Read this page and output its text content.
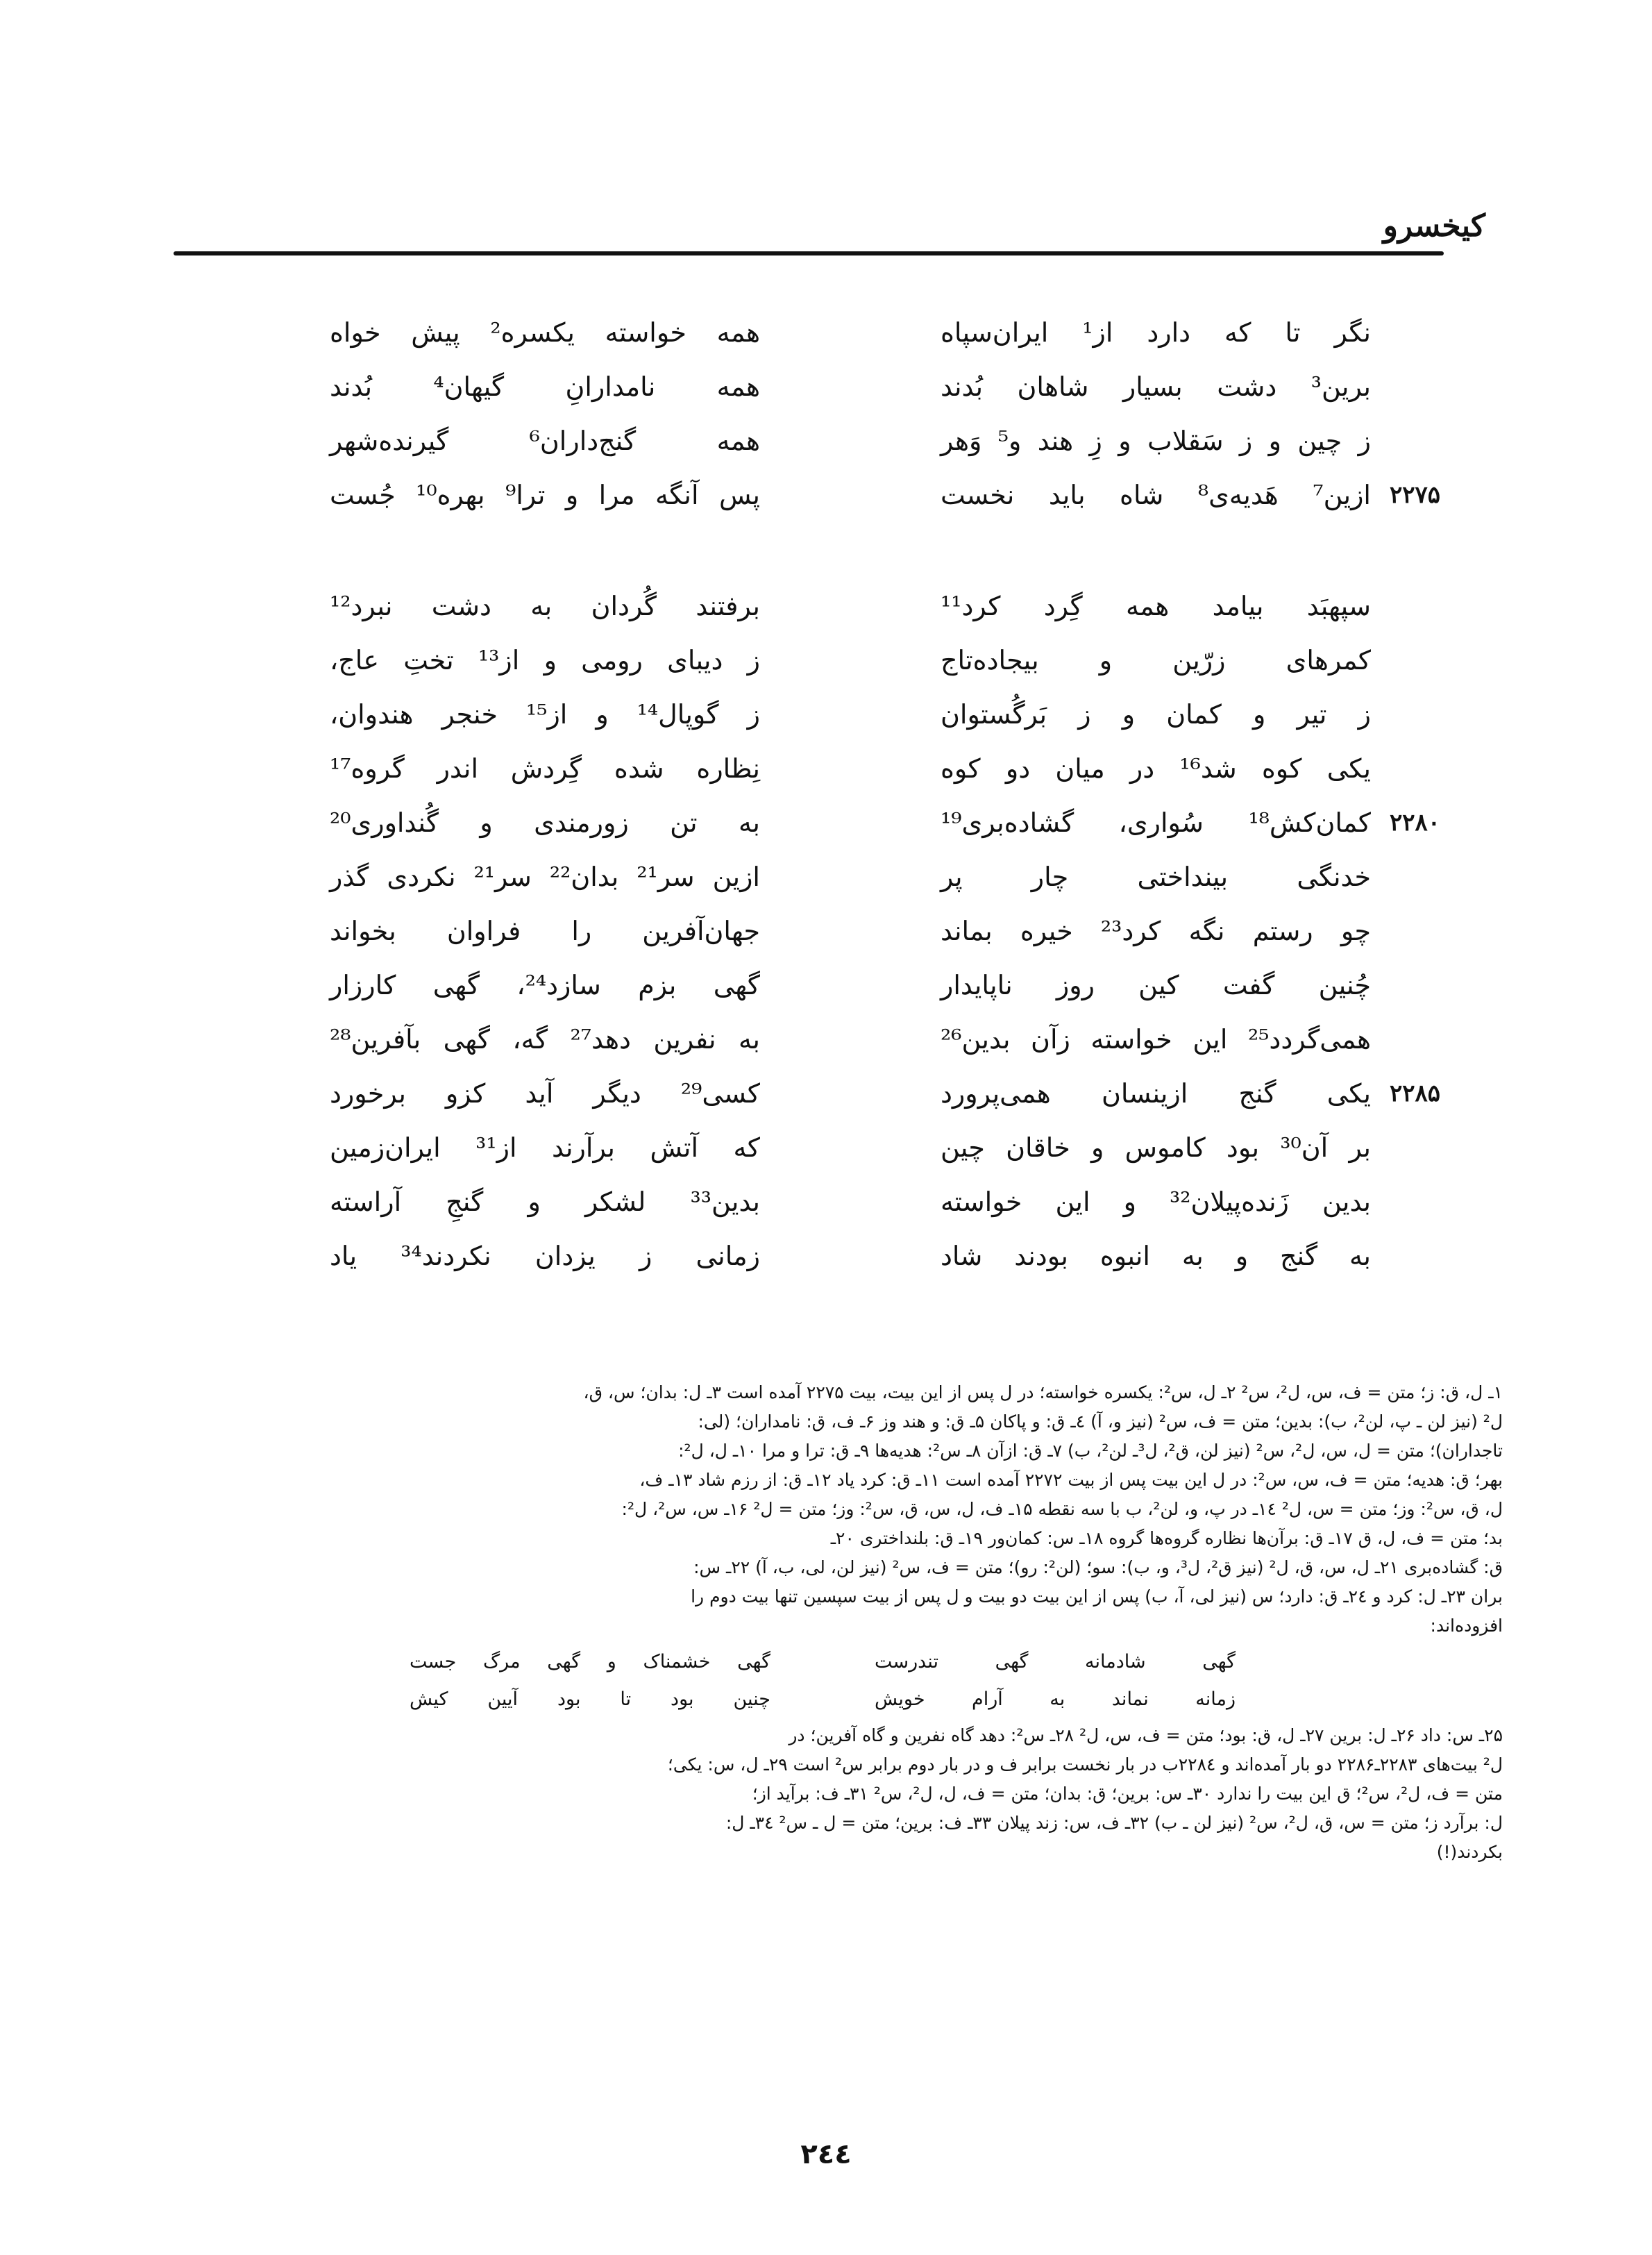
کیخسرو
نگر تا که دارد از¹ ایران‌سپاه
همه خواسته یکسره² پیش خواه
برین³ دشت بسیار شاهان بُدند
همه نامدارانِ گیهان⁴ بُدند
ز چین و ز سَقلاب و زِ هند و⁵ وَهر
همه گنج‌داران⁶ گیرنده‌شهر
۲۲۷۵
ازین⁷ هَدیه‌ی⁸ شاه باید نخست
پس آنگه مرا و ترا⁹ بهره¹⁰ جُست
سپهبَد بیامد همه گِرد کرد¹¹
برفتند گُردان به دشت نبرد¹²
کمرهای زرّین و بیجاده‌تاج
ز دیبای رومی و از¹³ تختِ عاج،
ز تیر و کمان و ز بَرگُستوان
ز گوپال¹⁴ و از¹⁵ خنجر هندوان،
یکی کوه شد¹⁶ در میان دو کوه
نِظاره شده گِردش اندر گروه¹⁷
۲۲۸۰
کمان‌کش¹⁸ سُواری، گشاده‌بری¹⁹
به تن زورمندی و گُنداوری²⁰
خدنگی بینداختی چار پر
ازین سر²¹ بدان²² سر²¹ نکردی گذر
چو رستم نگه کرد²³ خیره بماند
جهان‌آفرین را فراوان بخواند
چُنین گفت کین روز ناپایدار
گهی بزم سازد²⁴، گهی کارزار
همی‌گردد²⁵ این خواسته زآن بدین²⁶
به نفرین دهد²⁷ گه، گهی بآفرین²⁸
۲۲۸۵
یکی گنج ازینسان همی‌پرورد
کسی²⁹ دیگر آید کزو برخورد
بر آن³⁰ بود کاموس و خاقان چین
که آتش برآرند از³¹ ایران‌زمین
بدین زَنده‌پیلان³² و این خواسته
بدین³³ لشکر و گنجِ آراسته
به گنج و به انبوه بودند شاد
زمانی ز یزدان نکردند³⁴ یاد

۱ـ ل، ق: ز؛ متن = ف، س، ل²، س² ۲ـ ل، س²: یکسره خواسته؛ در ل پس از این بیت، بیت ۲۲۷۵ آمده است ۳ـ ل: بدان؛ س، ق،

ل² (نیز لن ـ پ، لن²، ب): بدین؛ متن = ف، س² (نیز و، آ) ٤ـ ق: و پاکان ۵ـ ق: و هند وز ۶ـ ف، ق: نامداران؛ (لی:

تاجداران)؛ متن = ل، س، ل²، س² (نیز لن، ق²، ل³ـ لن²، ب) ۷ـ ق: ازآن ۸ـ س²: هدیه‌ها ۹ـ ق: ترا و مرا ۱۰ـ ل، ل²:

بهر؛ ق: هدیه؛ متن = ف، س، س²: در ل این بیت پس از بیت ۲۲۷۲ آمده است ۱۱ـ ق: کرد یاد ۱۲ـ ق: از رزم شاد ۱۳ـ ف،

ل، ق، س²: وز؛ متن = س، ل² ۱٤ـ در پ، و، لن²، ب با سه نقطه ۱۵ـ ف، ل، س، ق، س²: وز؛ متن = ل² ۱۶ـ س، س²، ل²:

بد؛ متن = ف، ل، ق ۱۷ـ ق: برآن‌ها نظاره گروه‌ها گروه ۱۸ـ س: کمان‌ور ۱۹ـ ق: بلنداختری ۲۰ـ

ق: گشاده‌بری ۲۱ـ ل، س، ق، ل² (نیز ق²، ل³، و، ب): سو؛ (لن²: رو)؛ متن = ف، س² (نیز لن، لی، ب، آ) ۲۲ـ س:

بران ۲۳ـ ل: کرد و ۲٤ـ ق: دارد؛ س (نیز لی، آ، ب) پس از این بیت دو بیت و ل پس از بیت سپسین تنها بیت دوم را

افزوده‌اند:

گهی شادمانه گهی تندرست
گهی خشمناک و گهی مرگ جست
زمانه نماند به آرام خویش
چنین بود تا بود آیین کیش

۲۵ـ س: داد ۲۶ـ ل: برین ۲۷ـ ل، ق: بود؛ متن = ف، س، ل² ۲۸ـ س²: دهد گاه نفرین و گاه آفرین؛ در

ل² بیت‌های ۲۲۸۳ـ۲۲۸۶ دو بار آمده‌اند و ۲۲۸٤ب در بار نخست برابر ف و در بار دوم برابر س² است ۲۹ـ ل، س: یکی؛

متن = ف، ل²، س²؛ ق این بیت را ندارد ۳۰ـ س: برین؛ ق: بدان؛ متن = ف، ل، ل²، س² ۳۱ـ ف: برآید از؛

ل: برآرد ز؛ متن = س، ق، ل²، س² (نیز لن ـ ب) ۳۲ـ ف، س: زند پیلان ۳۳ـ ف: برین؛ متن = ل ـ س² ۳٤ـ ل:

بکردند(!)

۲٤٤
